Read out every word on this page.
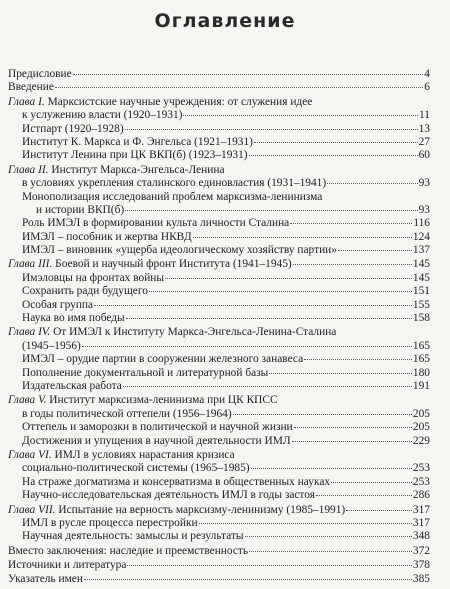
Оглавление
Предисловие	4
Введение	6
Глава I. Марксистские научные учреждения: от служения идее
к услужению власти (1920–1931)	11
Истпарт (1920–1928)	13
Институт К. Маркса и Ф. Энгельса (1921–1931)	27
Институт Ленина при ЦК ВКП(б) (1923–1931)	60
Глава II. Институт Маркса-Энгельса-Ленина
в условиях укрепления сталинского единовластия (1931–1941)	93
Монополизация исследований проблем марксизма-ленинизма
и истории ВКП(б)	93
Роль ИМЭЛ в формировании культа личности Сталина	116
ИМЭЛ – пособник и жертва НКВД	124
ИМЭЛ – виновник «ущерба идеологическому хозяйству партии»	137
Глава III. Боевой и научный фронт Института (1941–1945)	145
Имэловцы на фронтах войны	145
Сохранить ради будущего	151
Особая группа	155
Наука во имя победы	158
Глава IV. От ИМЭЛ к Институту Маркса-Энгельса-Ленина-Сталина
(1945–1956)	165
ИМЭЛ – орудие партии в сооружении железного занавеса	165
Пополнение документальной и литературной базы	180
Издательская работа	191
Глава V. Институт марксизма-ленинизма при ЦК КПСС
в годы политической оттепели (1956–1964)	205
Оттепель и заморозки в политической и научной жизни	205
Достижения и упущения в научной деятельности ИМЛ	229
Глава VI. ИМЛ в условиях нарастания кризиса
социально-политической системы (1965–1985)	253
На страже догматизма и консерватизма в общественных науках	253
Научно-исследовательская деятельность ИМЛ в годы застоя	286
Глава VII. Испытание на верность марксизму-ленинизму (1985–1991)	317
ИМЛ в русле процесса перестройки	317
Научная деятельность: замыслы и результаты	348
Вместо заключения: наследие и преемственность	372
Источники и литература	378
Указатель имен	385
